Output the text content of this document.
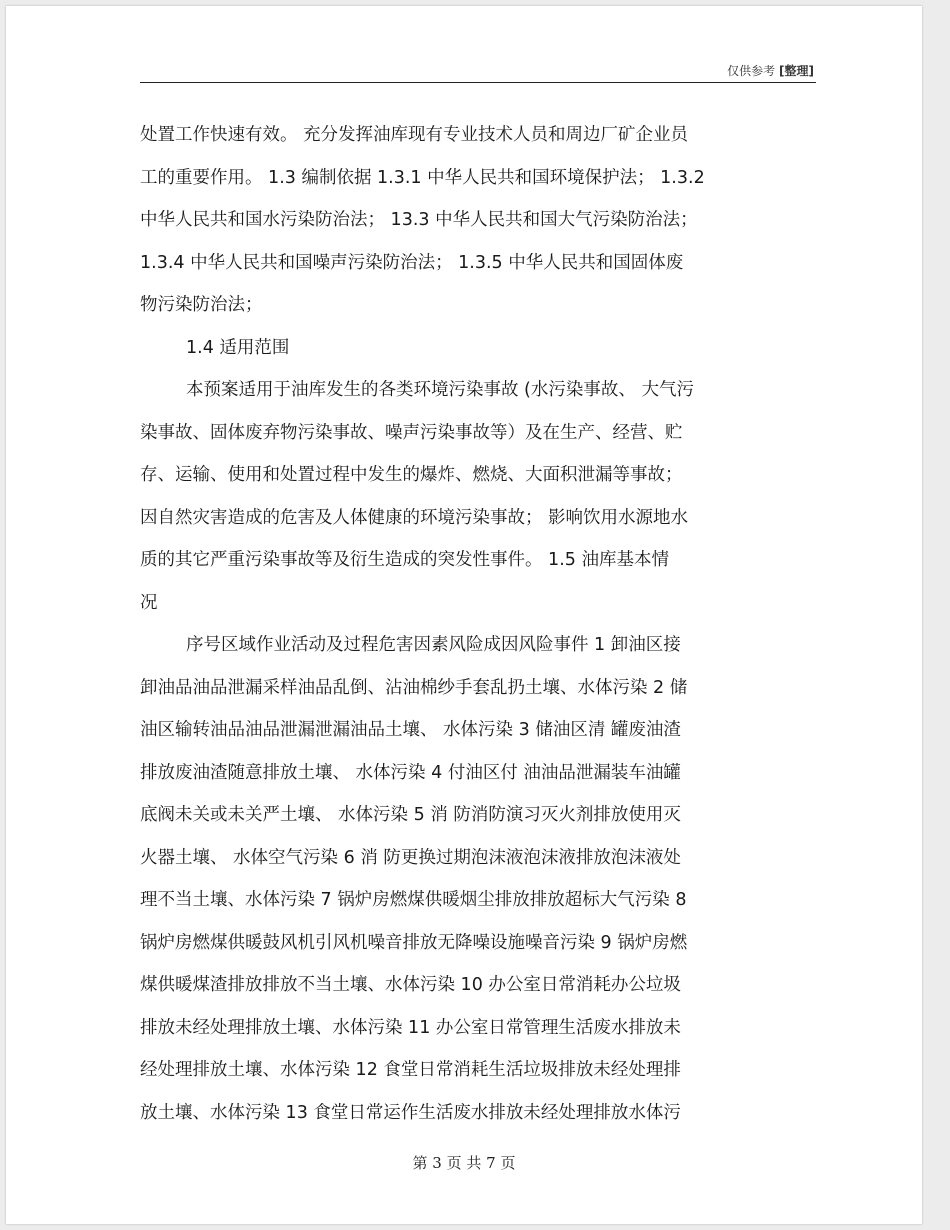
仅供参考 [整理]
处置工作快速有效。 充分发挥油库现有专业技术人员和周边厂矿企业员
工的重要作用。 1.3 编制依据 1.3.1 中华人民共和国环境保护法； 1.3.2
中华人民共和国水污染防治法； 13.3 中华人民共和国大气污染防治法；
1.3.4 中华人民共和国噪声污染防治法； 1.3.5 中华人民共和国固体废
物污染防治法；
1.4 适用范围
本预案适用于油库发生的各类环境污染事故 (水污染事故、 大气污
染事故、固体废弃物污染事故、噪声污染事故等）及在生产、经营、贮
存、运输、使用和处置过程中发生的爆炸、燃烧、大面积泄漏等事故；
因自然灾害造成的危害及人体健康的环境污染事故； 影响饮用水源地水
质的其它严重污染事故等及衍生造成的突发性事件。 1.5 油库基本情
况
序号区域作业活动及过程危害因素风险成因风险事件 1 卸油区接
卸油品油品泄漏采样油品乱倒、沾油棉纱手套乱扔土壤、水体污染 2 储
油区输转油品油品泄漏泄漏油品土壤、 水体污染 3 储油区清 罐废油渣
排放废油渣随意排放土壤、 水体污染 4 付油区付 油油品泄漏装车油罐
底阀未关或未关严土壤、 水体污染 5 消 防消防演习灭火剂排放使用灭
火器土壤、 水体空气污染 6 消 防更换过期泡沫液泡沫液排放泡沫液处
理不当土壤、水体污染 7 锅炉房燃煤供暖烟尘排放排放超标大气污染 8
锅炉房燃煤供暖鼓风机引风机噪音排放无降噪设施噪音污染 9 锅炉房燃
煤供暖煤渣排放排放不当土壤、水体污染 10 办公室日常消耗办公垃圾
排放未经处理排放土壤、水体污染 11 办公室日常管理生活废水排放未
经处理排放土壤、水体污染 12 食堂日常消耗生活垃圾排放未经处理排
放土壤、水体污染 13 食堂日常运作生活废水排放未经处理排放水体污
第 3 页 共 7 页
